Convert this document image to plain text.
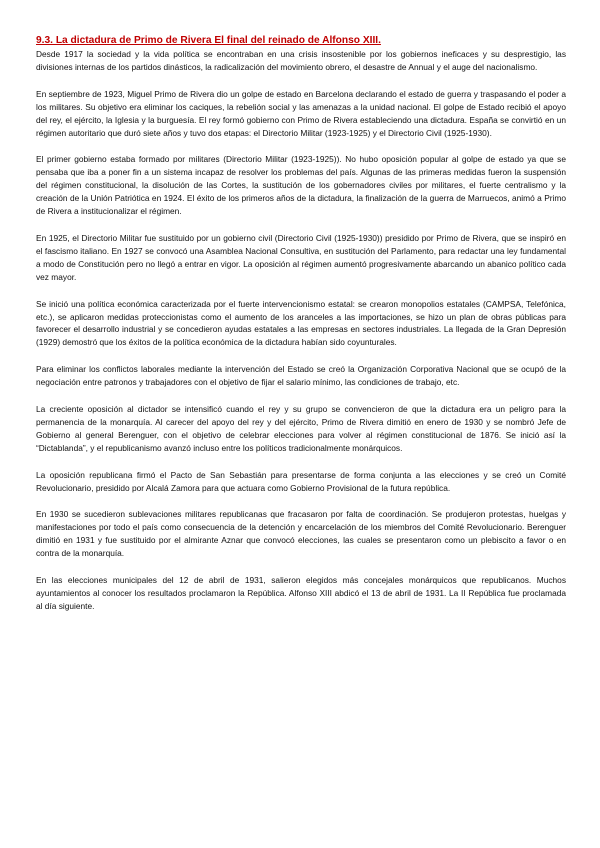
9.3. La dictadura de Primo de Rivera El final del reinado de Alfonso XIII.

Desde 1917 la sociedad y la vida política se encontraban en una crisis insostenible por los gobiernos ineficaces y su desprestigio, las divisiones internas de los partidos dinásticos, la radicalización del movimiento obrero, el desastre de Annual y el auge del nacionalismo.

En septiembre de 1923, Miguel Primo de Rivera dio un golpe de estado en Barcelona declarando el estado de guerra y traspasando el poder a los militares. Su objetivo era eliminar los caciques, la rebelión social y las amenazas a la unidad nacional. El golpe de Estado recibió el apoyo del rey, el ejército, la Iglesia y la burguesía. El rey formó gobierno con Primo de Rivera estableciendo una dictadura. España se convirtió en un régimen autoritario que duró siete años y tuvo dos etapas: el Directorio Militar (1923-1925) y el Directorio Civil (1925-1930).

El primer gobierno estaba formado por militares (Directorio Militar (1923-1925)). No hubo oposición popular al golpe de estado ya que se pensaba que iba a poner fin a un sistema incapaz de resolver los problemas del país. Algunas de las primeras medidas fueron la suspensión del régimen constitucional, la disolución de las Cortes, la sustitución de los gobernadores civiles por militares, el fuerte centralismo y la creación de la Unión Patriótica en 1924. El éxito de los primeros años de la dictadura, la finalización de la guerra de Marruecos, animó a Primo de Rivera a institucionalizar el régimen.

En 1925, el Directorio Militar fue sustituido por un gobierno civil (Directorio Civil (1925-1930)) presidido por Primo de Rivera, que se inspiró en el fascismo italiano. En 1927 se convocó una Asamblea Nacional Consultiva, en sustitución del Parlamento, para redactar una ley fundamental a modo de Constitución pero no llegó a entrar en vigor. La oposición al régimen aumentó progresivamente abarcando un abanico político cada vez mayor.

Se inició una política económica caracterizada por el fuerte intervencionismo estatal: se crearon monopolios estatales (CAMPSA, Telefónica, etc.), se aplicaron medidas proteccionistas como el aumento de los aranceles a las importaciones, se hizo un plan de obras públicas para favorecer el desarrollo industrial y se concedieron ayudas estatales a las empresas en sectores industriales. La llegada de la Gran Depresión (1929) demostró que los éxitos de la política económica de la dictadura habían sido coyunturales.

Para eliminar los conflictos laborales mediante la intervención del Estado se creó la Organización Corporativa Nacional que se ocupó de la negociación entre patronos y trabajadores con el objetivo de fijar el salario mínimo, las condiciones de trabajo, etc.

La creciente oposición al dictador se intensificó cuando el rey y su grupo se convencieron de que la dictadura era un peligro para la permanencia de la monarquía. Al carecer del apoyo del rey y del ejército, Primo de Rivera dimitió en enero de 1930 y se nombró Jefe de Gobierno al general Berenguer, con el objetivo de celebrar elecciones para volver al régimen constitucional de 1876. Se inició así la “Dictablanda”, y el republicanismo avanzó incluso entre los políticos tradicionalmente monárquicos.

La oposición republicana firmó el Pacto de San Sebastián para presentarse de forma conjunta a las elecciones y se creó un Comité Revolucionario, presidido por Alcalá Zamora para que actuara como Gobierno Provisional de la futura república.

En 1930 se sucedieron sublevaciones militares republicanas que fracasaron por falta de coordinación. Se produjeron protestas, huelgas y manifestaciones por todo el país como consecuencia de la detención y encarcelación de los miembros del Comité Revolucionario. Berenguer dimitió en 1931 y fue sustituido por el almirante Aznar que convocó elecciones, las cuales se presentaron como un plebiscito a favor o en contra de la monarquía.

En las elecciones municipales del 12 de abril de 1931, salieron elegidos más concejales monárquicos que republicanos. Muchos ayuntamientos al conocer los resultados proclamaron la República. Alfonso XIII abdicó el 13 de abril de 1931. La II República fue proclamada al día siguiente.
